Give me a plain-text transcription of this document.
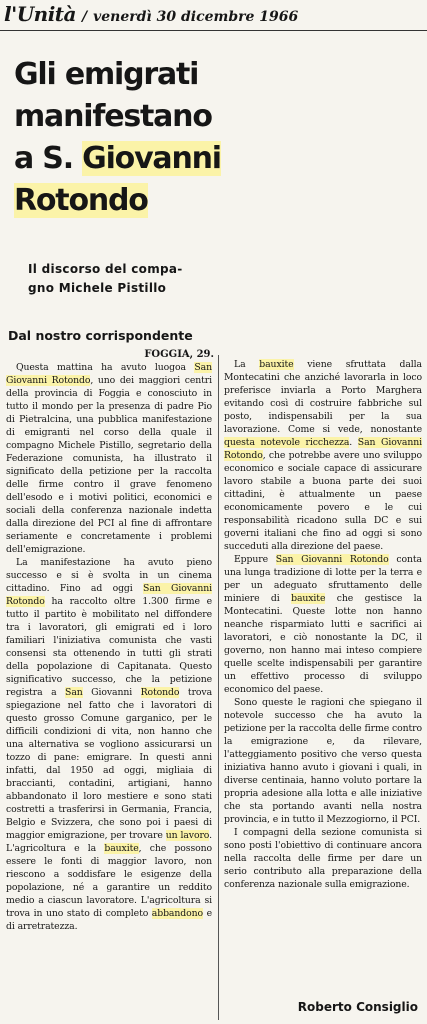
l'Unità / venerdì 30 dicembre 1966
Gli emigrati
manifestano
a S. Giovanni
Rotondo
Il discorso del compa-
gno Michele Pistillo
Dal nostro corrispondente
FOGGIA, 29.

Questa mattina ha avuto luogoa San Giovanni Rotondo, uno dei maggiori centri della provincia di Foggia e conosciuto in tutto il mondo per la presenza di padre Pio di Pietralcina, una pubblica manifestazione di emigranti nel corso della quale il compagno Michele Pistillo, segretario della Federazione comunista, ha illustrato il significato della petizione per la raccolta delle firme contro il grave fenomeno dell'esodo e i motivi politici, economici e sociali della conferenza nazionale indetta dalla direzione del PCI al fine di affrontare seriamente e concretamente i problemi dell'emigrazione.

La manifestazione ha avuto pieno successo e si è svolta in un cinema cittadino. Fino ad oggi San Giovanni Rotondo ha raccolto oltre 1.300 firme e tutto il partito è mobilitato nel diffondere tra i lavoratori, gli emigrati ed i loro familiari l'iniziativa comunista che vasti consensi sta ottenendo in tutti gli strati della popolazione di Capitanata. Questo significativo successo, che la petizione registra a San Giovanni Rotondo trova spiegazione nel fatto che i lavoratori di questo grosso Comune garganico, per le difficili condizioni di vita, non hanno che una alternativa se vogliono assicurarsi un tozzo di pane: emigrare. In questi anni infatti, dal 1950 ad oggi, migliaia di braccianti, contadini, artigiani, hanno abbandonato il loro mestiere e sono stati costretti a trasferirsi in Germania, Francia, Belgio e Svizzera, che sono poi i paesi di maggior emigrazione, per trovare un lavoro. L'agricoltura e la bauxite, che possono essere le fonti di maggior lavoro, non riescono a soddisfare le esigenze della popolazione, né a garantire un reddito medio a ciascun lavoratore. L'agricoltura si trova in uno stato di completo abbandono e di arretratezza.

La bauxite viene sfruttata dalla Montecatini che anziché lavorarla in loco preferisce inviarla a Porto Marghera evitando così di costruire fabbriche sul posto, indispensabili per la sua lavorazione. Come si vede, nonostante questa notevole ricchezza. San Giovanni Rotondo, che potrebbe avere uno sviluppo economico e sociale capace di assicurare lavoro stabile a buona parte dei suoi cittadini, è attualmente un paese economicamente povero e le cui responsabilità ricadono sulla DC e sui governi italiani che fino ad oggi si sono succeduti alla direzione del paese.

Eppure San Giovanni Rotondo conta una lunga tradizione di lotte per la terra e per un adeguato sfruttamento delle miniere di bauxite che gestisce la Montecatini. Queste lotte non hanno neanche risparmiato lutti e sacrifici ai lavoratori, e ciò nonostante la DC, il governo, non hanno mai inteso compiere quelle scelte indispensabili per garantire un effettivo processo di sviluppo economico del paese.

Sono queste le ragioni che spiegano il notevole successo che ha avuto la petizione per la raccolta delle firme contro la emigrazione e, da rilevare, l'atteggiamento positivo che verso questa iniziativa hanno avuto i giovani i quali, in diverse centinaia, hanno voluto portare la propria adesione alla lotta e alle iniziative che sta portando avanti nella nostra provincia, e in tutto il Mezzogiorno, il PCI.

I compagni della sezione comunista si sono posti l'obiettivo di continuare ancora nella raccolta delle firme per dare un serio contributo alla preparazione della conferenza nazionale sulla emigrazione.

Roberto Consiglio
